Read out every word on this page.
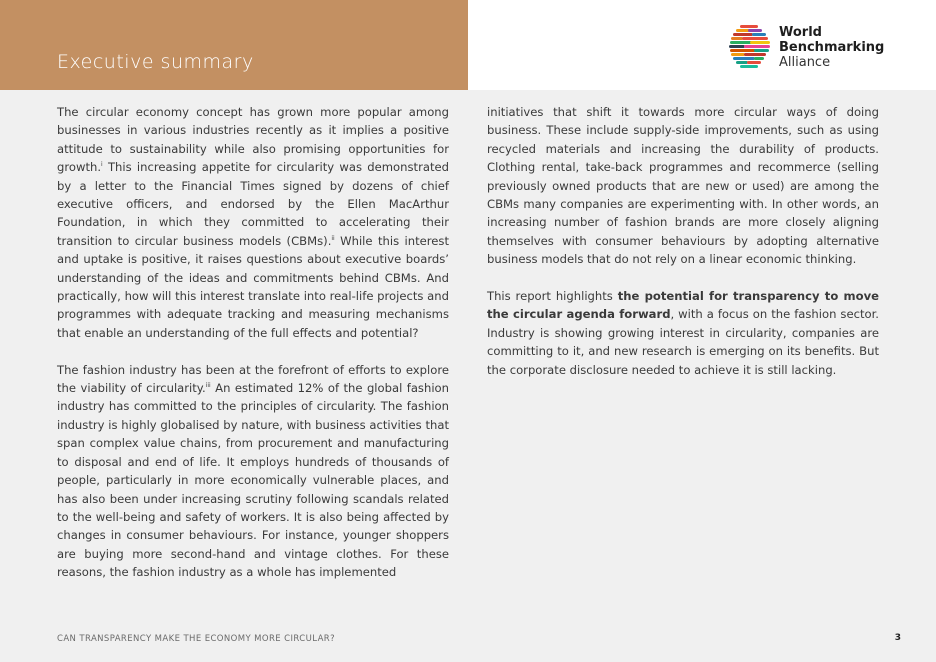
Executive summary
World
Benchmarking
Alliance

The circular economy concept has grown more popular among businesses in various industries recently as it implies a positive attitude to sustainability while also promising opportunities for growth.$^i$ This increasing appetite for circularity was demonstrated by a letter to the Financial Times signed by dozens of chief executive officers, and endorsed by the Ellen MacArthur Foundation, in which they committed to accelerating their transition to circular business models (CBMs).$^{ii}$ While this interest and uptake is positive, it raises questions about executive boards’ understanding of the ideas and commitments behind CBMs. And practically, how will this interest translate into real-life projects and programmes with adequate tracking and measuring mechanisms that enable an understanding of the full effects and potential?

The fashion industry has been at the forefront of efforts to explore the viability of circularity.$^{iii}$ An estimated 12% of the global fashion industry has committed to the principles of circularity. The fashion industry is highly globalised by nature, with business activities that span complex value chains, from procurement and manufacturing to disposal and end of life. It employs hundreds of thousands of people, particularly in more economically vulnerable places, and has also been under increasing scrutiny following scandals related to the well-being and safety of workers. It is also being affected by changes in consumer behaviours. For instance, younger shoppers are buying more second-hand and vintage clothes. For these reasons, the fashion industry as a whole has implemented

initiatives that shift it towards more circular ways of doing business. These include supply-side improvements, such as using recycled materials and increasing the durability of products. Clothing rental, take-back programmes and recommerce (selling previously owned products that are new or used) are among the CBMs many companies are experimenting with. In other words, an increasing number of fashion brands are more closely aligning themselves with consumer behaviours by adopting alternative business models that do not rely on a linear economic thinking.

This report highlights the potential for transparency to move the circular agenda forward, with a focus on the fashion sector. Industry is showing growing interest in circularity, companies are committing to it, and new research is emerging on its benefits. But the corporate disclosure needed to achieve it is still lacking.

CAN TRANSPARENCY MAKE THE ECONOMY MORE CIRCULAR?	3
